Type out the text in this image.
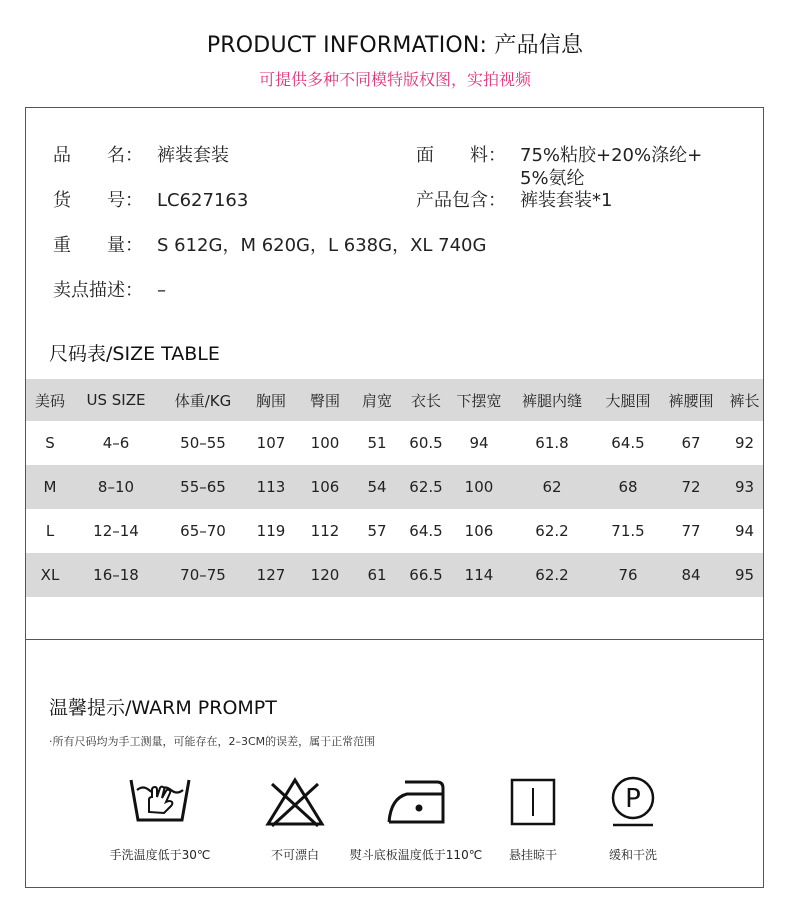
PRODUCT INFORMATION: 产品信息
可提供多种不同模特版权图，实拍视频
品　　名： 裤装套装
货　　号： LC627163
重　　量： S 612G，M 620G，L 638G，XL 740G
卖点描述： –
面　　料： 75%粘胶+20%涤纶+
5%氨纶
产品包含： 裤装套装*1
尺码表/SIZE TABLE
美码	US SIZE	体重/KG	胸围	臀围	肩宽	衣长	下摆宽	裤腿内缝	大腿围	裤腰围	裤长
S	4–6	50–55	107	100	51	60.5	94	61.8	64.5	67	92
M	8–10	55–65	113	106	54	62.5	100	62	68	72	93
L	12–14	65–70	119	112	57	64.5	106	62.2	71.5	77	94
XL	16–18	70–75	127	120	61	66.5	114	62.2	76	84	95
温馨提示/WARM PROMPT
·所有尺码均为手工测量，可能存在，2–3CM的误差，属于正常范围
手洗温度低于30℃	不可漂白	熨斗底板温度低于110℃	悬挂晾干
P
缓和干洗
